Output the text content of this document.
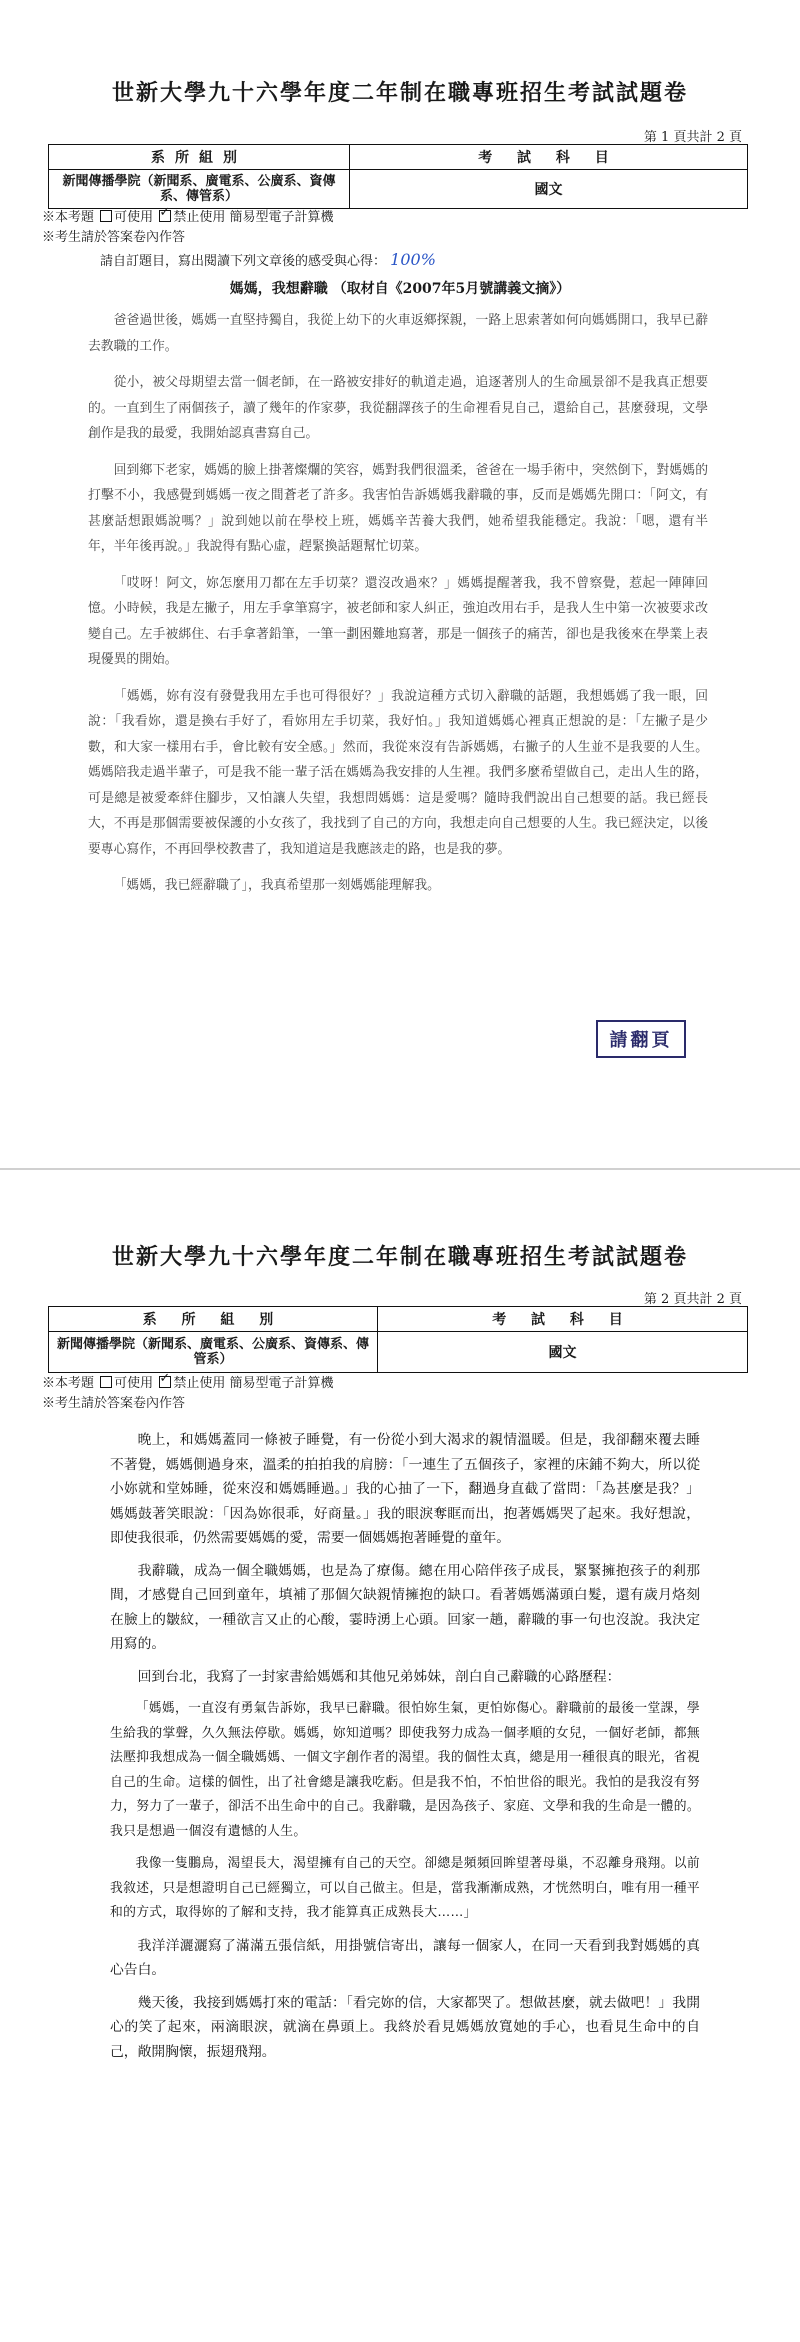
世新大學九十六學年度二年制在職專班招生考試試題卷
第 1 頁共計 2 頁
系所組別	考 試 科 目
新聞傳播學院（新聞系、廣電系、公廣系、資傳系、傳管系）	國文
※本考題 可使用 ✓ 禁止使用 簡易型電子計算機
※考生請於答案卷內作答
請自訂題目，寫出閱讀下列文章後的感受與心得： 100%
媽媽，我想辭職 （取材自《2007年5月號講義文摘》）

爸爸過世後，媽媽一直堅持獨自，我從上幼下的火車返鄉探親，一路上思索著如何向媽媽開口，我早已辭去教職的工作。

從小，被父母期望去當一個老師，在一路被安排好的軌道走過，追逐著別人的生命風景卻不是我真正想要的。一直到生了兩個孩子，讀了幾年的作家夢，我從翻譯孩子的生命裡看見自己，還給自己，甚麼發現，文學創作是我的最愛，我開始認真書寫自己。

回到鄉下老家，媽媽的臉上掛著燦爛的笑容，媽對我們很溫柔，爸爸在一場手術中，突然倒下，對媽媽的打擊不小，我感覺到媽媽一夜之間蒼老了許多。我害怕告訴媽媽我辭職的事，反而是媽媽先開口：「阿文，有甚麼話想跟媽說嗎？」說到她以前在學校上班，媽媽辛苦養大我們，她希望我能穩定。我說：「嗯，還有半年，半年後再說。」我說得有點心虛，趕緊換話題幫忙切菜。

「哎呀！阿文，妳怎麼用刀都在左手切菜？還沒改過來？」媽媽提醒著我，我不曾察覺，惹起一陣陣回憶。小時候，我是左撇子，用左手拿筆寫字，被老師和家人糾正，強迫改用右手，是我人生中第一次被要求改變自己。左手被綁住、右手拿著鉛筆，一筆一劃困難地寫著，那是一個孩子的痛苦，卻也是我後來在學業上表現優異的開始。

「媽媽，妳有沒有發覺我用左手也可得很好？」我說這種方式切入辭職的話題，我想媽媽了我一眼，回說：「我看妳，還是換右手好了，看妳用左手切菜，我好怕。」我知道媽媽心裡真正想說的是：「左撇子是少數，和大家一樣用右手，會比較有安全感。」然而，我從來沒有告訴媽媽，右撇子的人生並不是我要的人生。媽媽陪我走過半輩子，可是我不能一輩子活在媽媽為我安排的人生裡。我們多麼希望做自己，走出人生的路，可是總是被愛牽絆住腳步，又怕讓人失望，我想問媽媽：這是愛嗎？隨時我們說出自己想要的話。我已經長大，不再是那個需要被保護的小女孩了，我找到了自己的方向，我想走向自己想要的人生。我已經決定，以後要專心寫作，不再回學校教書了，我知道這是我應該走的路，也是我的夢。

「媽媽，我已經辭職了」，我真希望那一刻媽媽能理解我。

請翻頁
世新大學九十六學年度二年制在職專班招生考試試題卷
第 2 頁共計 2 頁
系 所 組 別	考 試 科 目
新聞傳播學院（新聞系、廣電系、公廣系、資傳系、傳管系）	國文
※本考題 可使用 ✓ 禁止使用 簡易型電子計算機
※考生請於答案卷內作答

晚上，和媽媽蓋同一條被子睡覺，有一份從小到大渴求的親情溫暖。但是，我卻翻來覆去睡不著覺，媽媽側過身來，溫柔的拍拍我的肩膀：「一連生了五個孩子，家裡的床鋪不夠大，所以從小妳就和堂姊睡，從來沒和媽媽睡過。」我的心抽了一下，翻過身直截了當問：「為甚麼是我？」媽媽鼓著笑眼說：「因為妳很乖，好商量。」我的眼淚奪眶而出，抱著媽媽哭了起來。我好想說，即使我很乖，仍然需要媽媽的愛，需要一個媽媽抱著睡覺的童年。

我辭職，成為一個全職媽媽，也是為了療傷。總在用心陪伴孩子成長，緊緊擁抱孩子的剎那間，才感覺自己回到童年，填補了那個欠缺親情擁抱的缺口。看著媽媽滿頭白髮，還有歲月烙刻在臉上的皺紋，一種欲言又止的心酸，霎時湧上心頭。回家一趟，辭職的事一句也沒說。我決定用寫的。

回到台北，我寫了一封家書給媽媽和其他兄弟姊妹，剖白自己辭職的心路歷程：

「媽媽，一直沒有勇氣告訴妳，我早已辭職。很怕妳生氣，更怕妳傷心。辭職前的最後一堂課，學生給我的掌聲，久久無法停歇。媽媽，妳知道嗎？即使我努力成為一個孝順的女兒，一個好老師，都無法壓抑我想成為一個全職媽媽、一個文字創作者的渴望。我的個性太真，總是用一種很真的眼光，省視自己的生命。這樣的個性，出了社會總是讓我吃虧。但是我不怕，不怕世俗的眼光。我怕的是我沒有努力，努力了一輩子，卻活不出生命中的自己。我辭職，是因為孩子、家庭、文學和我的生命是一體的。我只是想過一個沒有遺憾的人生。

我像一隻鵬鳥，渴望長大，渴望擁有自己的天空。卻總是頻頻回眸望著母巢，不忍離身飛翔。以前我敘述，只是想證明自己已經獨立，可以自己做主。但是，當我漸漸成熟，才恍然明白，唯有用一種平和的方式，取得妳的了解和支持，我才能算真正成熟長大……」

我洋洋灑灑寫了滿滿五張信紙，用掛號信寄出，讓每一個家人，在同一天看到我對媽媽的真心告白。

幾天後，我接到媽媽打來的電話：「看完妳的信，大家都哭了。想做甚麼，就去做吧！」我開心的笑了起來，兩滴眼淚，就滴在鼻頭上。我終於看見媽媽放寬她的手心，也看見生命中的自己，敞開胸懷，振翅飛翔。
